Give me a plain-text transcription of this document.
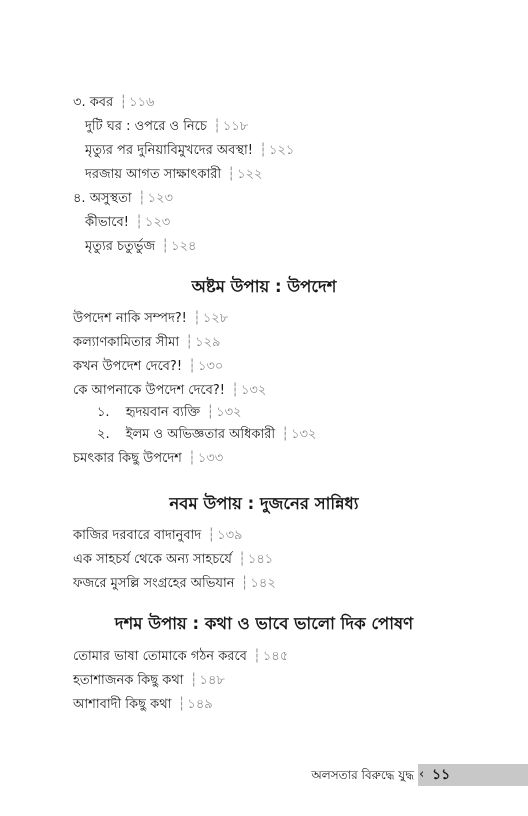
৩. কবর ┆ ১১৬
দুটি ঘর : ওপরে ও নিচে ┆ ১১৮
মৃত্যুর পর দুনিয়াবিমুখদের অবস্থা! ┆ ১২১
দরজায় আগত সাক্ষাৎকারী ┆ ১২২
৪. অসুস্থতা ┆ ১২৩
কীভাবে! ┆ ১২৩
মৃত্যুর চতুর্ভুজ ┆ ১২৪
অষ্টম উপায় : উপদেশ
উপদেশ নাকি সম্পদ?! ┆ ১২৮
কল্যাণকামিতার সীমা ┆ ১২৯
কখন উপদেশ দেবে?! ┆ ১৩০
কে আপনাকে উপদেশ দেবে?! ┆ ১৩২
১. হৃদয়বান ব্যক্তি ┆ ১৩২
২. ইলম ও অভিজ্ঞতার অধিকারী ┆ ১৩২
চমৎকার কিছু উপদেশ ┆ ১৩৩
নবম উপায় : দুজনের সান্নিধ্য
কাজির দরবারে বাদানুবাদ ┆ ১৩৯
এক সাহচর্য থেকে অন্য সাহচর্যে ┆ ১৪১
ফজরে মুসল্লি সংগ্রহের অভিযান ┆ ১৪২
দশম উপায় : কথা ও ভাবে ভালো দিক পোষণ
তোমার ভাষা তোমাকে গঠন করবে ┆ ১৪৫
হতাশাজনক কিছু কথা ┆ ১৪৮
আশাবাদী কিছু কথা ┆ ১৪৯
অলসতার বিরুদ্ধে যুদ্ধ ‹ ১১
